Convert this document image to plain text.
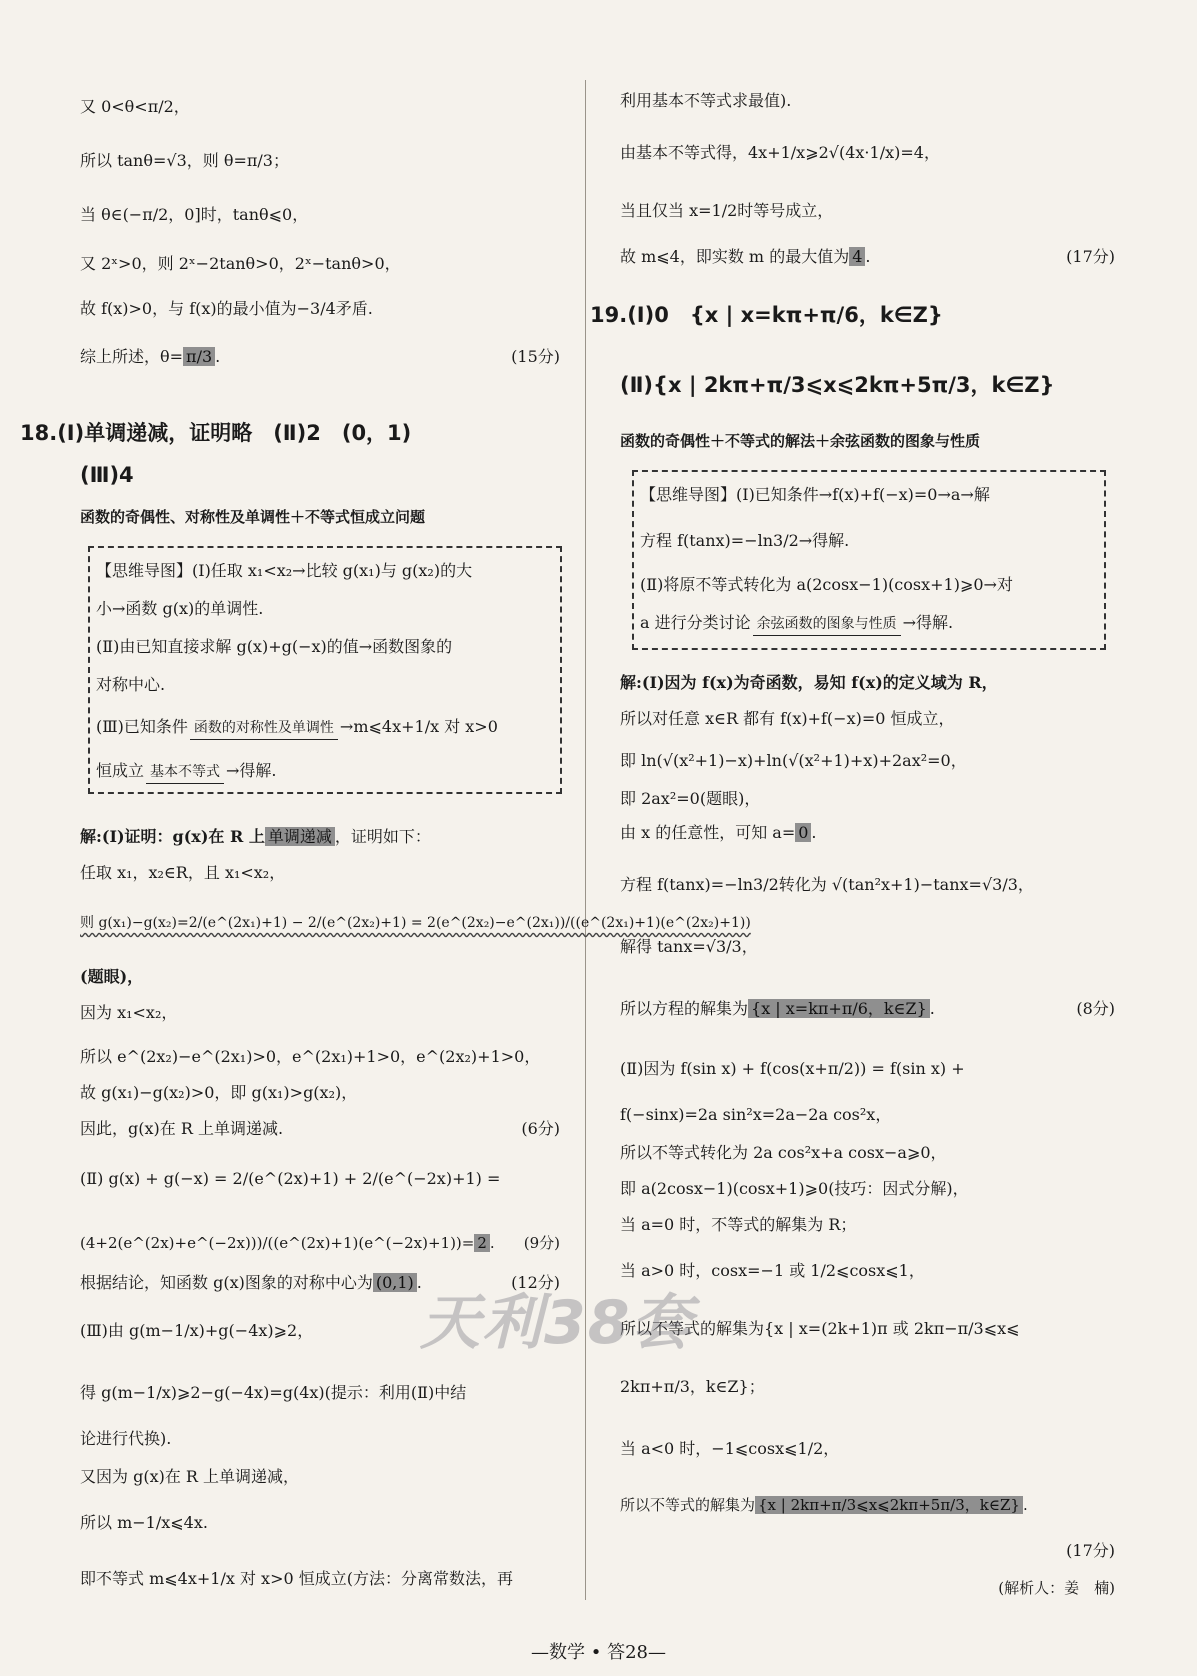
又 0<θ<π/2，
所以 tanθ=√3，则 θ=π/3；
当 θ∈(−π/2，0]时，tanθ⩽0，
又 2ˣ>0，则 2ˣ−2tanθ>0，2ˣ−tanθ>0，
故 f(x)>0，与 f(x)的最小值为−3/4矛盾.
综上所述，θ= π/3 .	(15分)
18.(Ⅰ)单调递减，证明略　(Ⅱ)2　(0，1)
(Ⅲ)4
函数的奇偶性、对称性及单调性＋不等式恒成立问题
【思维导图】(Ⅰ)任取 x₁<x₂→比较 g(x₁)与 g(x₂)的大
小→函数 g(x)的单调性.
(Ⅱ)由已知直接求解 g(x)+g(−x)的值→函数图象的
对称中心.
(Ⅲ)已知条件 函数的对称性及单调性 →m⩽4x+1/x 对 x>0
恒成立 基本不等式 →得解.
解:(Ⅰ)证明：g(x)在 R 上 单调递减 ，证明如下：
任取 x₁，x₂∈R，且 x₁<x₂，
则 g(x₁)−g(x₂)=2/(e^(2x₁)+1) − 2/(e^(2x₂)+1) = 2(e^(2x₂)−e^(2x₁))/((e^(2x₁)+1)(e^(2x₂)+1))
(题眼)，
因为 x₁<x₂，
所以 e^(2x₂)−e^(2x₁)>0，e^(2x₁)+1>0，e^(2x₂)+1>0，
故 g(x₁)−g(x₂)>0，即 g(x₁)>g(x₂)，
因此，g(x)在 R 上单调递减.	(6分)
(Ⅱ) g(x) + g(−x) = 2/(e^(2x)+1) + 2/(e^(−2x)+1) =
(4+2(e^(2x)+e^(−2x)))/((e^(2x)+1)(e^(−2x)+1))= 2 . (9分)
根据结论，知函数 g(x)图象的对称中心为 (0,1) .	(12分)
(Ⅲ)由 g(m−1/x)+g(−4x)⩾2，
得 g(m−1/x)⩾2−g(−4x)=g(4x)(提示：利用(Ⅱ)中结
论进行代换).
又因为 g(x)在 R 上单调递减，
所以 m−1/x⩽4x.
即不等式 m⩽4x+1/x 对 x>0 恒成立(方法：分离常数法，再
利用基本不等式求最值).
由基本不等式得，4x+1/x⩾2√(4x·1/x)=4，
当且仅当 x=1/2时等号成立，
故 m⩽4，即实数 m 的最大值为 4 .	(17分)
19.(Ⅰ)0　{x | x=kπ+π/6，k∈Z}
(Ⅱ){x | 2kπ+π/3⩽x⩽2kπ+5π/3，k∈Z}
函数的奇偶性＋不等式的解法＋余弦函数的图象与性质
【思维导图】(Ⅰ)已知条件→f(x)+f(−x)=0→a→解
方程 f(tanx)=−ln3/2→得解.
(Ⅱ)将原不等式转化为 a(2cosx−1)(cosx+1)⩾0→对
a 进行分类讨论 余弦函数的图象与性质 →得解.
解:(Ⅰ)因为 f(x)为奇函数，易知 f(x)的定义域为 R，
所以对任意 x∈R 都有 f(x)+f(−x)=0 恒成立，
即 ln(√(x²+1)−x)+ln(√(x²+1)+x)+2ax²=0，
即 2ax²=0(题眼)，
由 x 的任意性，可知 a= 0 .
方程 f(tanx)=−ln3/2转化为 √(tan²x+1)−tanx=√3/3，
解得 tanx=√3/3，
所以方程的解集为 {x | x=kπ+π/6，k∈Z} .	(8分)
(Ⅱ)因为 f(sin x) + f(cos(x+π/2)) = f(sin x) +
f(−sinx)=2a sin²x=2a−2a cos²x，
所以不等式转化为 2a cos²x+a cosx−a⩾0，
即 a(2cosx−1)(cosx+1)⩾0(技巧：因式分解)，
当 a=0 时，不等式的解集为 R；
当 a>0 时，cosx=−1 或 1/2⩽cosx⩽1，
所以不等式的解集为{x | x=(2k+1)π 或 2kπ−π/3⩽x⩽
2kπ+π/3，k∈Z}；
当 a<0 时，−1⩽cosx⩽1/2，
所以不等式的解集为 {x | 2kπ+π/3⩽x⩽2kπ+5π/3，k∈Z} .
(17分)
天利38套
(解析人：姜　楠)
—数学 • 答28—
